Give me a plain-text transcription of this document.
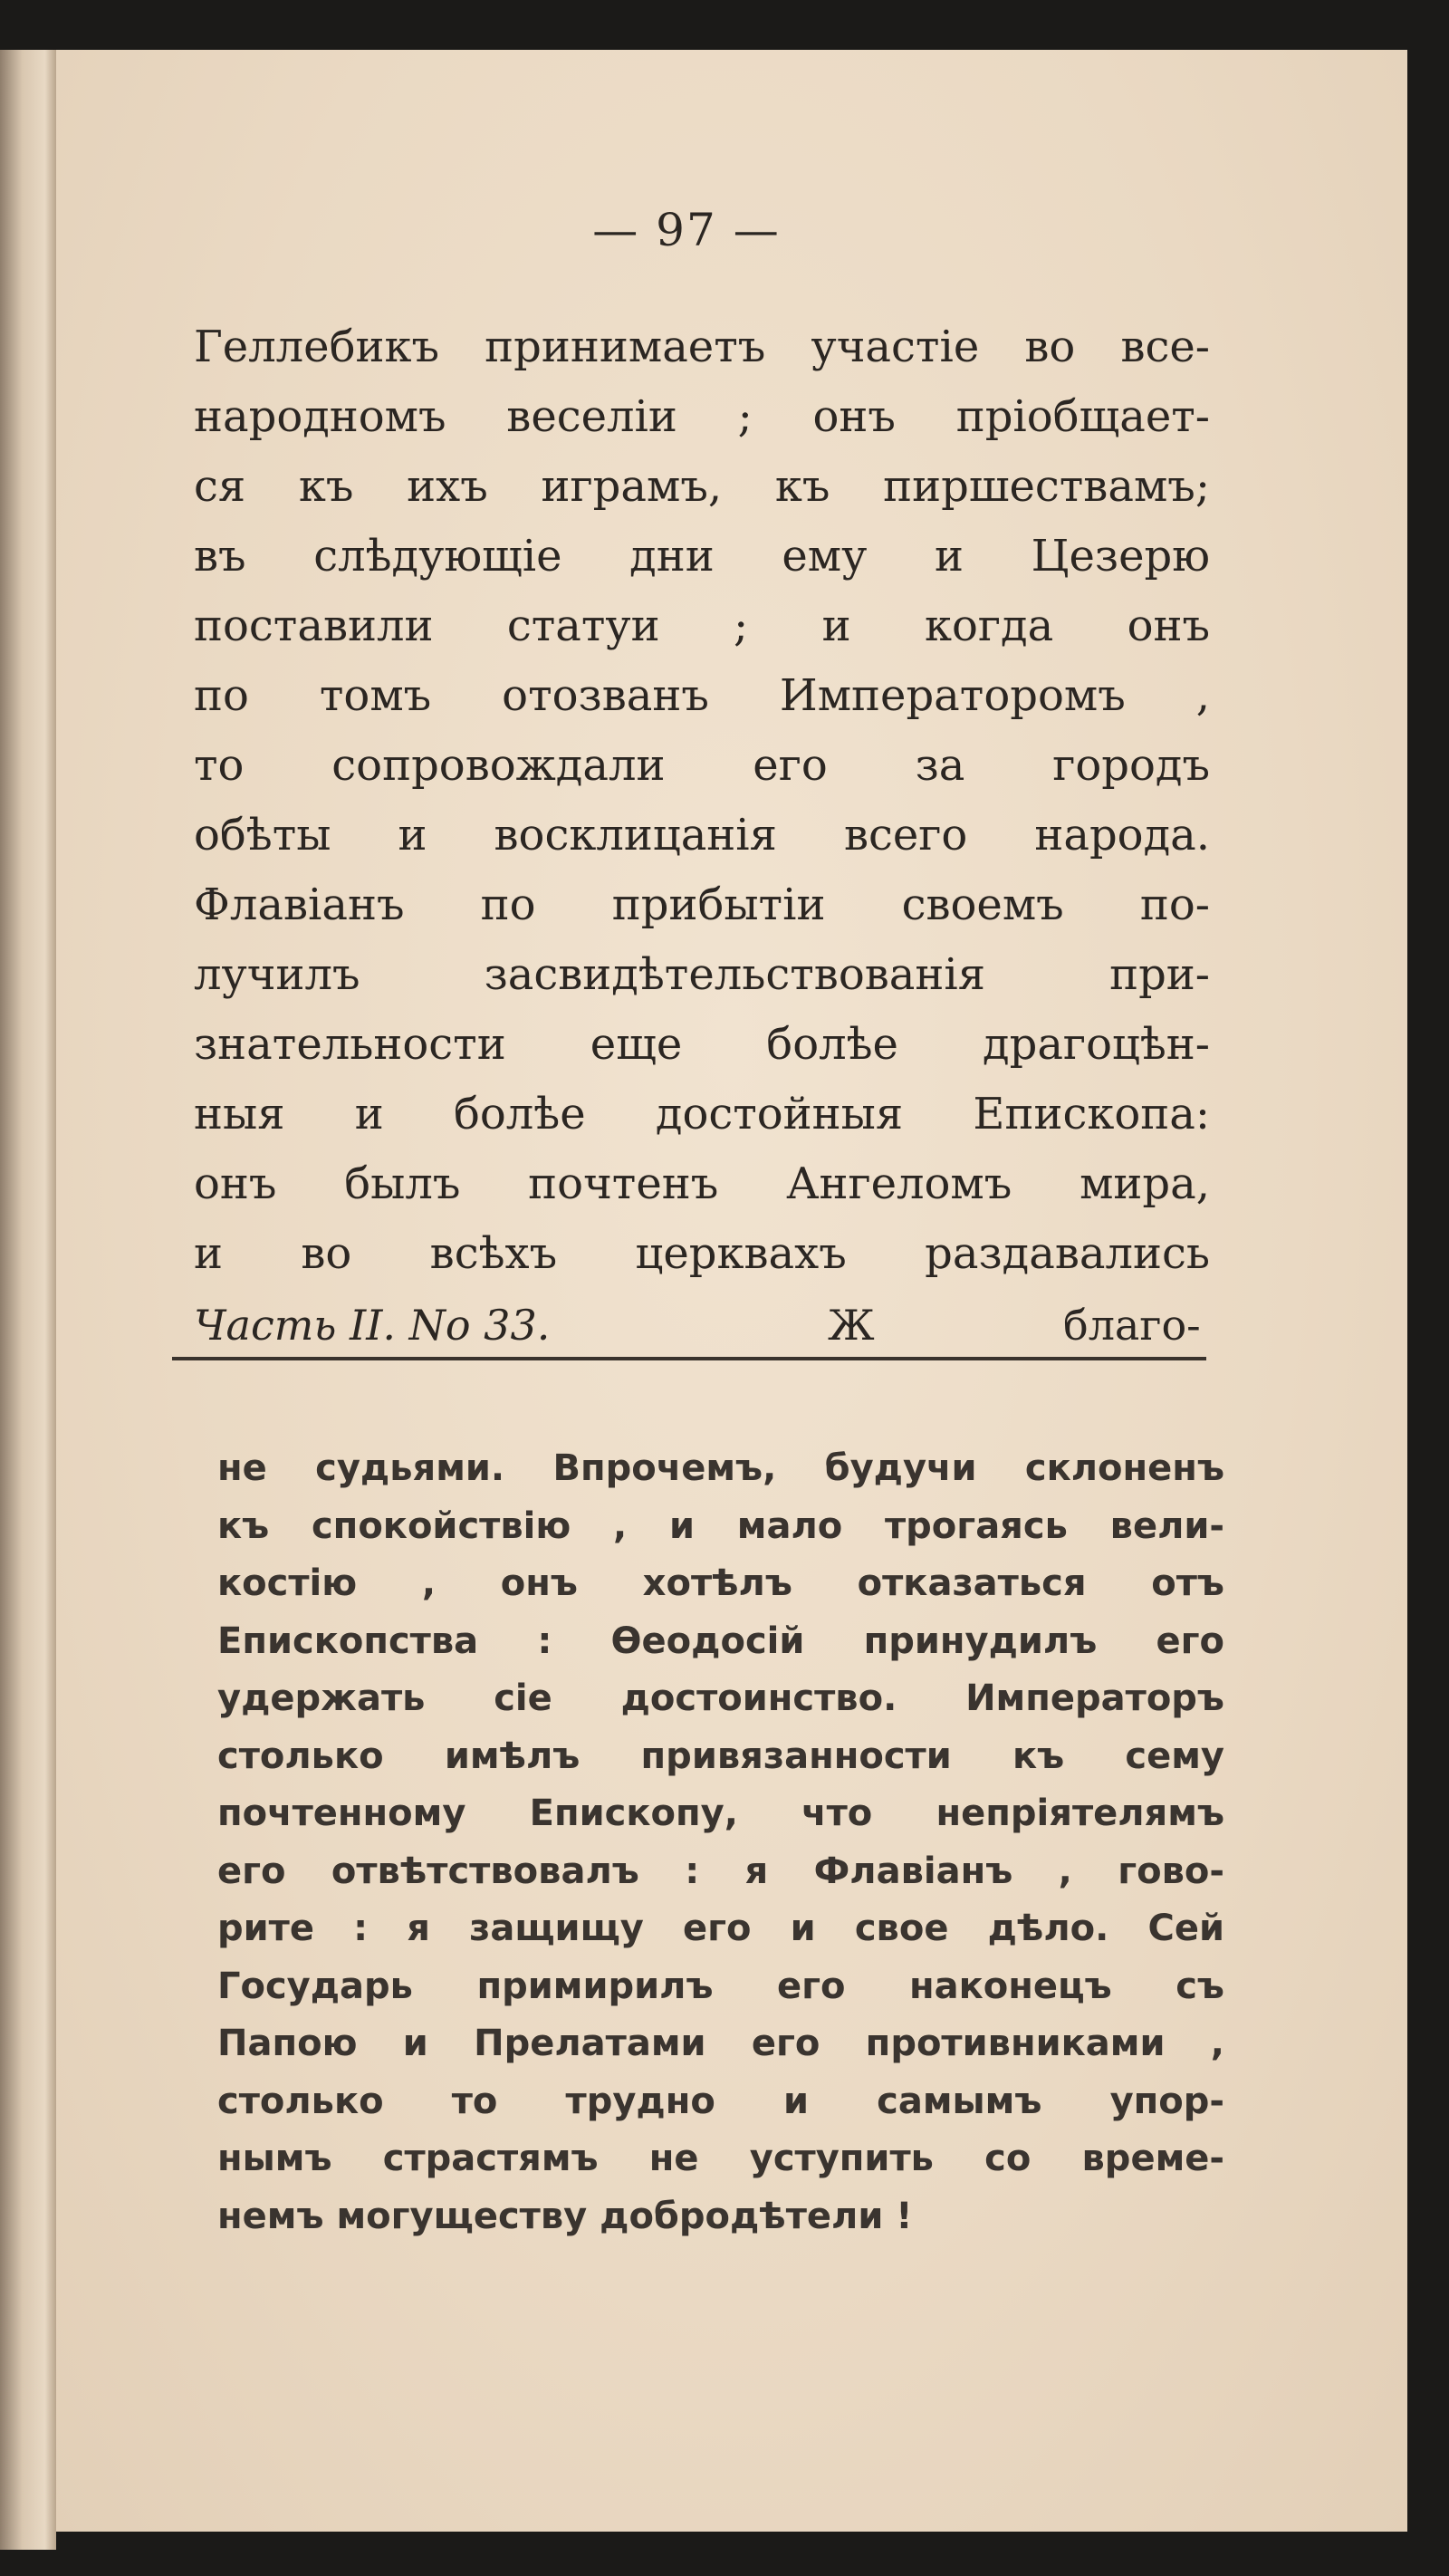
— 97 —
Геллебикъ принимаетъ участіе во все-
народномъ веселіи ; онъ пріобщает-
ся къ ихъ играмъ, къ пиршествамъ;
въ слѣдующіе дни ему и Цезерю
поставили статуи ; и когда онъ
по томъ отозванъ Императоромъ ,
то сопровождали его за городъ
обѣты и восклицанія всего народа.
Флавіанъ по прибытіи своемъ по-
лучилъ засвидѣтельствованія при-
знательности еще болѣе драгоцѣн-
ныя и болѣе достойныя Епископа:
онъ былъ почтенъ Ангеломъ мира,
и во всѣхъ церквахъ раздавались
Часть II. No 33.	Ж	благо-
не судьями. Впрочемъ, будучи склоненъ
къ спокойствію , и мало трогаясь вели-
костію , онъ хотѣлъ отказаться отъ
Епископства : Ѳеодосій принудилъ его
удержать сіе достоинство. Императоръ
столько имѣлъ привязанности къ сему
почтенному Епископу, что непріятелямъ
его отвѣтствовалъ : я Флавіанъ , гово-
рите : я защищу его и свое дѣло. Сей
Государь примирилъ его наконецъ съ
Папою и Прелатами его противниками ,
столько то трудно и самымъ упор-
нымъ страстямъ не уступить со време-
немъ могуществу добродѣтели !
